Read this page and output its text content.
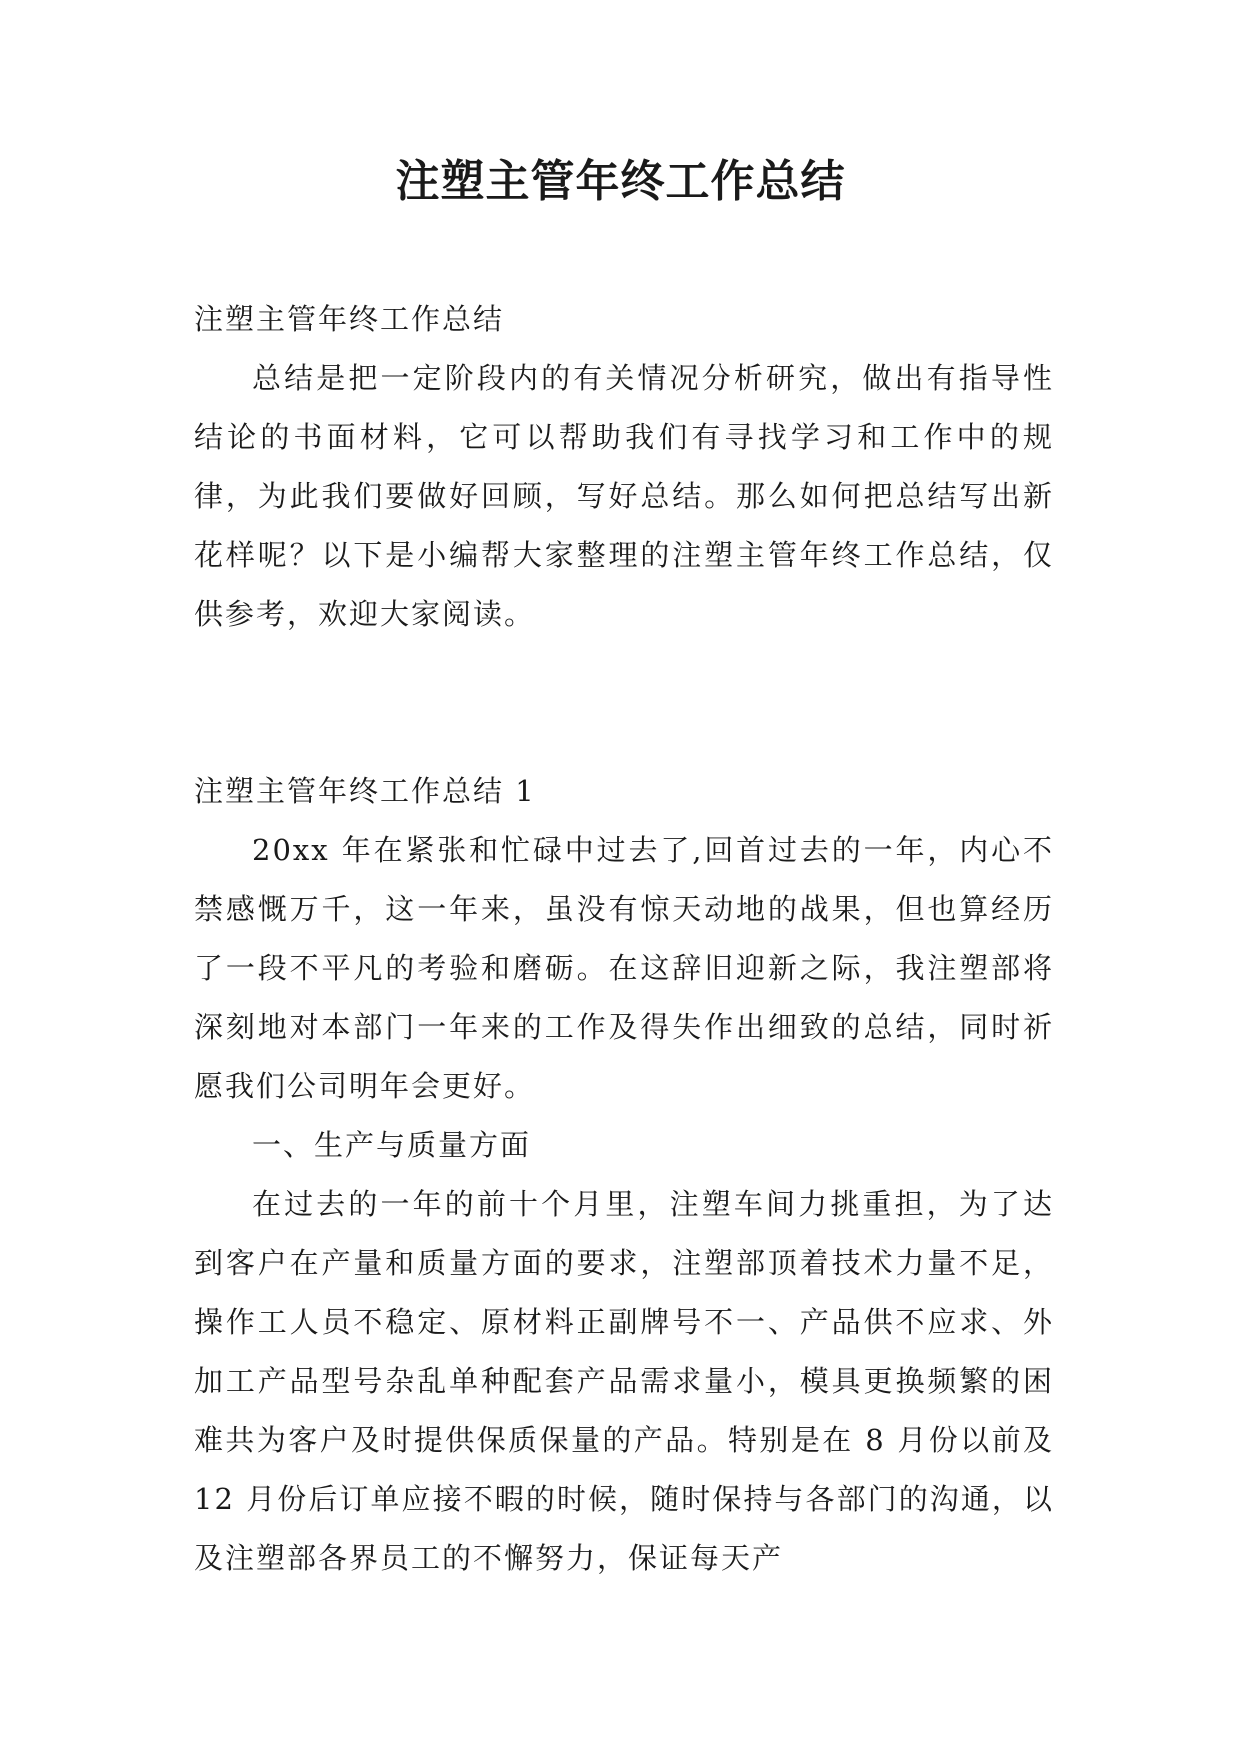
注塑主管年终工作总结

注塑主管年终工作总结

总结是把一定阶段内的有关情况分析研究，做出有指导性结论的书面材料，它可以帮助我们有寻找学习和工作中的规律，为此我们要做好回顾，写好总结。那么如何把总结写出新花样呢？以下是小编帮大家整理的注塑主管年终工作总结，仅供参考，欢迎大家阅读。

注塑主管年终工作总结 1

20xx 年在紧张和忙碌中过去了,回首过去的一年，内心不禁感慨万千，这一年来，虽没有惊天动地的战果，但也算经历了一段不平凡的考验和磨砺。在这辞旧迎新之际，我注塑部将深刻地对本部门一年来的工作及得失作出细致的总结，同时祈愿我们公司明年会更好。

一、生产与质量方面

在过去的一年的前十个月里，注塑车间力挑重担，为了达到客户在产量和质量方面的要求，注塑部顶着技术力量不足，操作工人员不稳定、原材料正副牌号不一、产品供不应求、外加工产品型号杂乱单种配套产品需求量小，模具更换频繁的困难共为客户及时提供保质保量的产品。特别是在 8 月份以前及 12 月份后订单应接不暇的时候，随时保持与各部门的沟通，以及注塑部各界员工的不懈努力，保证每天产
